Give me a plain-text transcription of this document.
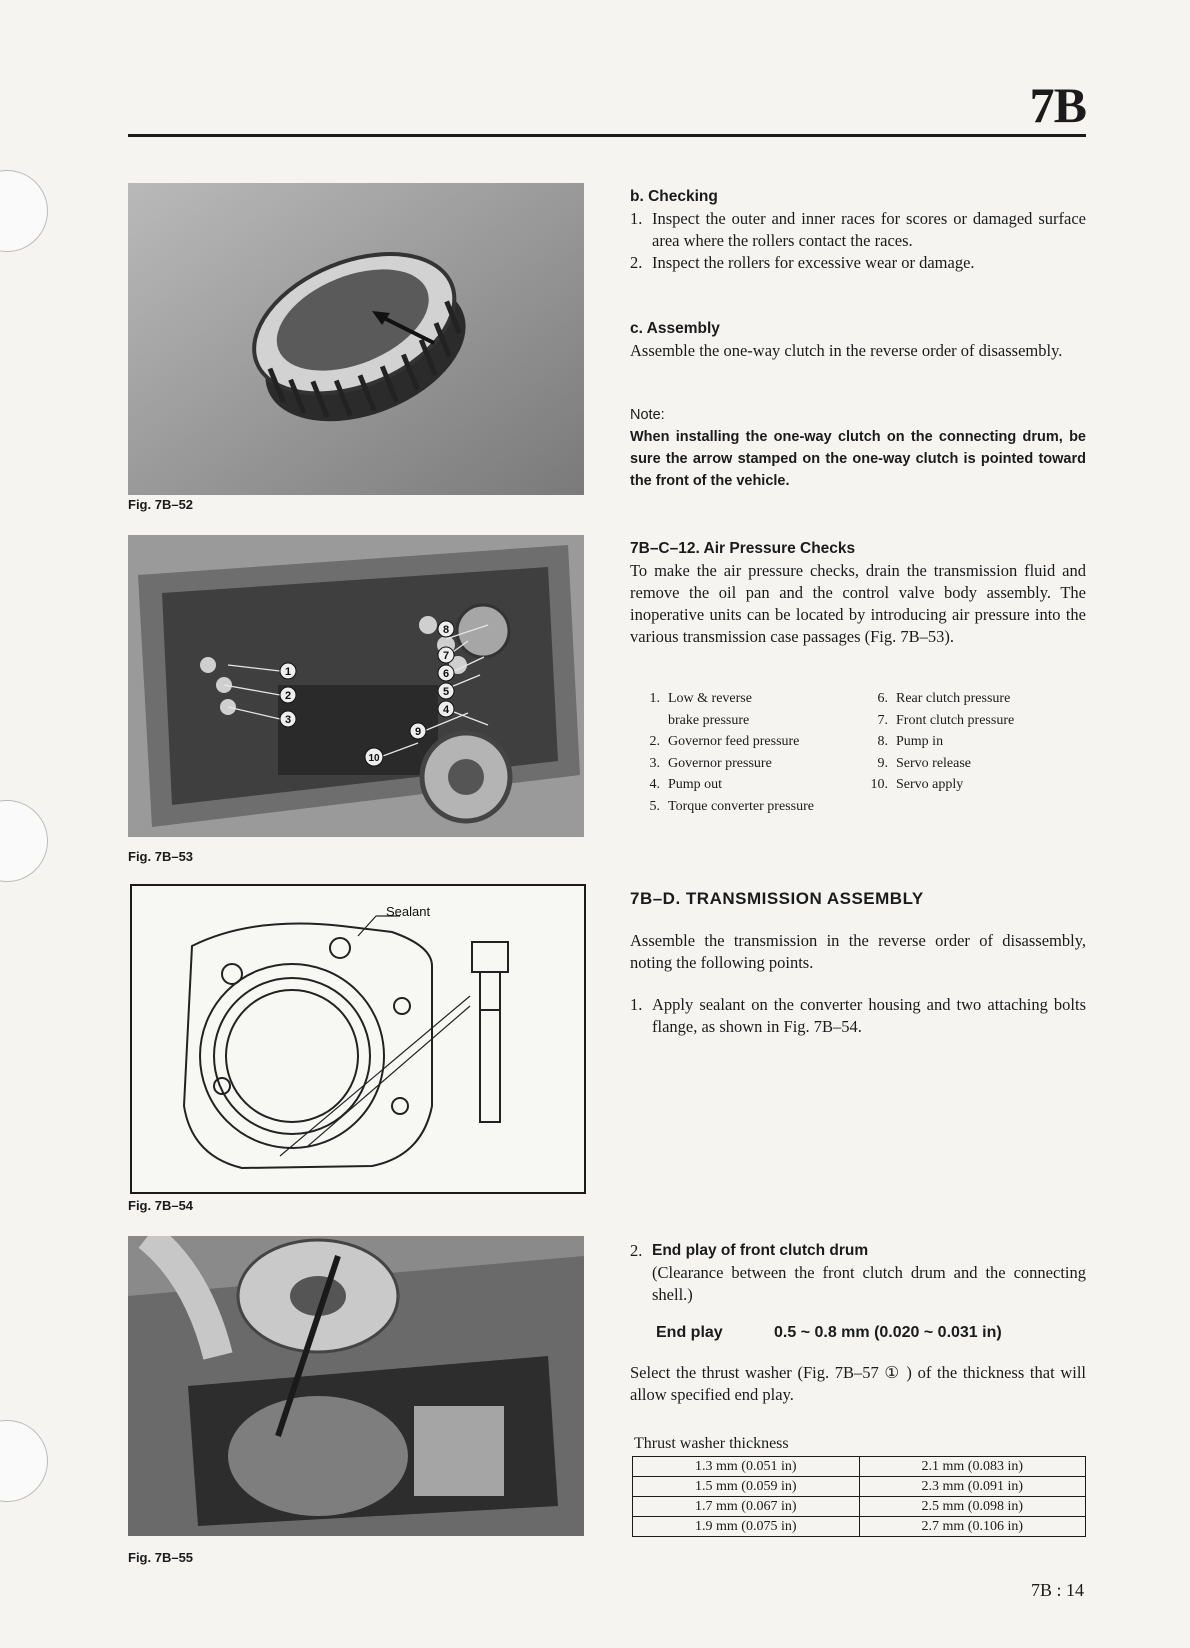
7B
Fig. 7B–52
1
2
3
4
5
6
7
8
9
10
Fig. 7B–53
Sealant
Fig. 7B–54
Fig. 7B–55

b. Checking

1. Inspect the outer and inner races for scores or damaged surface area where the rollers contact the races.
2. Inspect the rollers for excessive wear or damage.

c. Assembly

Assemble the one-way clutch in the reverse order of disassembly.

Note:

When installing the one-way clutch on the connecting drum, be sure the arrow stamped on the one-way clutch is pointed toward the front of the vehicle.

7B–C–12. Air Pressure Checks

To make the air pressure checks, drain the transmission fluid and remove the oil pan and the control valve body assembly. The inoperative units can be located by introducing air pressure into the various transmission case passages (Fig. 7B–53).

1. Low & reverse
brake pressure
2. Governor feed pressure
3. Governor pressure
4. Pump out
5. Torque converter pressure
6. Rear clutch pressure
7. Front clutch pressure
8. Pump in
9. Servo release
10. Servo apply

7B–D. TRANSMISSION ASSEMBLY

Assemble the transmission in the reverse order of disassembly, noting the following points.

1. Apply sealant on the converter housing and two attaching bolts flange, as shown in Fig. 7B–54.
2. End play of front clutch drum

(Clearance between the front clutch drum and the connecting shell.)

End play	0.5 ~ 0.8 mm (0.020 ~ 0.031 in)

Select the thrust washer (Fig. 7B–57 ① ) of the thickness that will allow specified end play.

Thrust washer thickness
1.3 mm (0.051 in)	2.1 mm (0.083 in)
1.5 mm (0.059 in)	2.3 mm (0.091 in)
1.7 mm (0.067 in)	2.5 mm (0.098 in)
1.9 mm (0.075 in)	2.7 mm (0.106 in)
7B : 14
